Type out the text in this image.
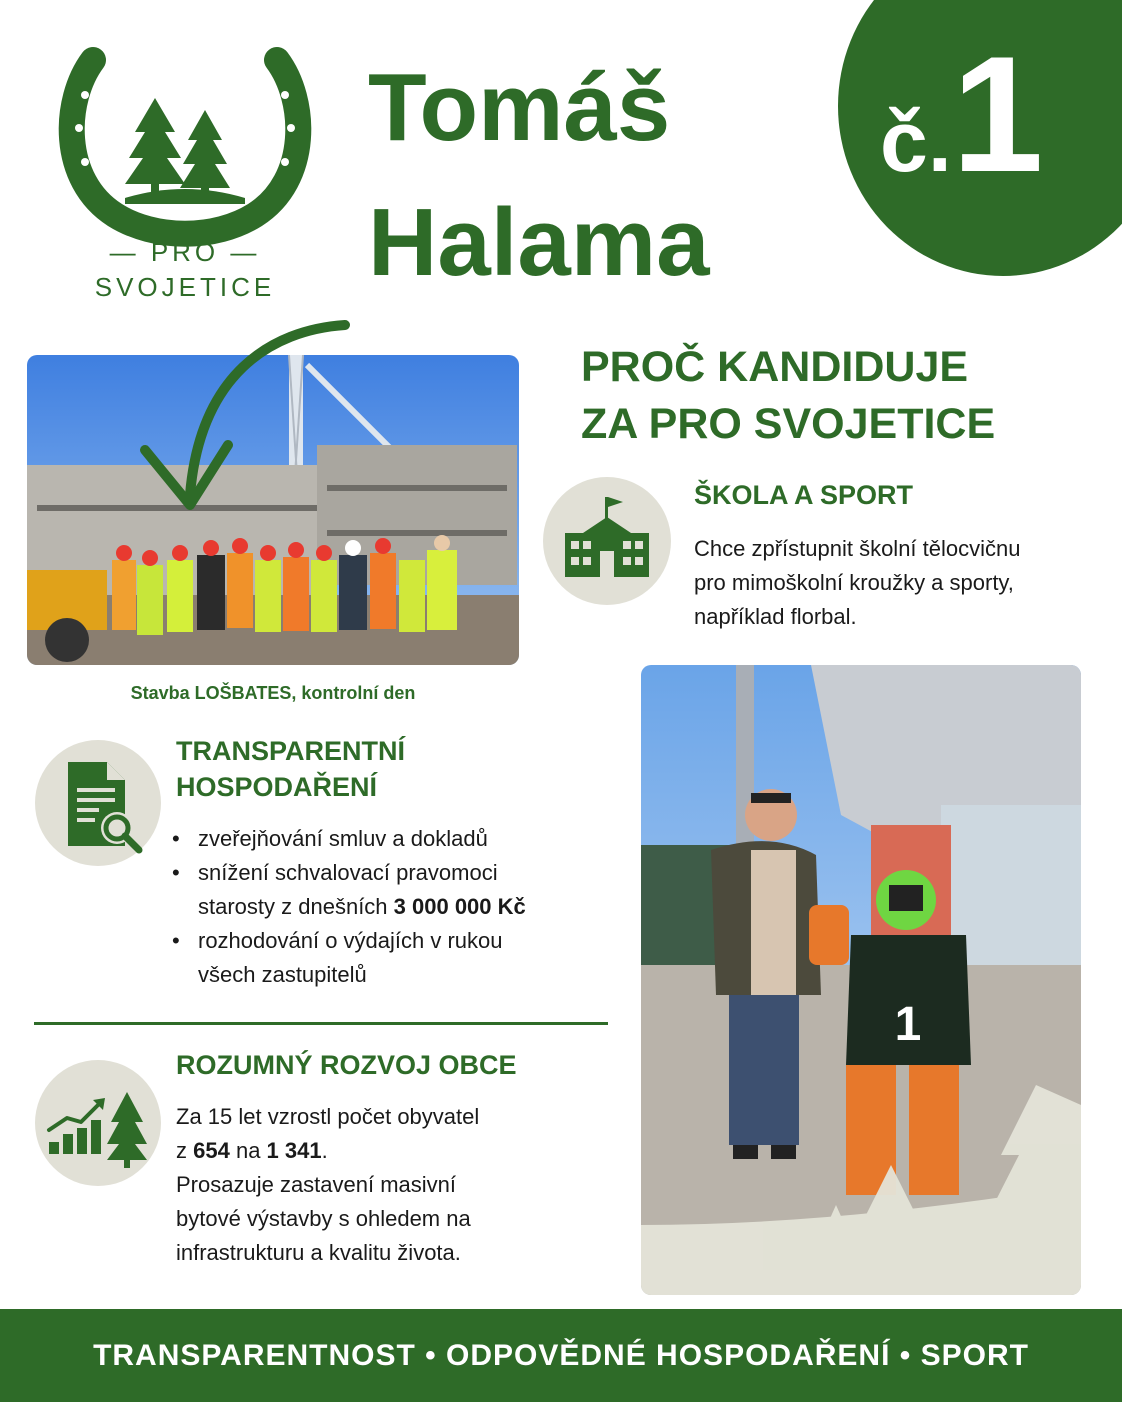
— PRO —
SVOJETICE
Tomáš
Halama
č.1
Stavba LOŠBATES, kontrolní den
PROČ KANDIDUJE
ZA PRO SVOJETICE
ŠKOLA A SPORT
Chce zpřístupnit školní tělocvičnu
pro mimoškolní kroužky a sporty,
například florbal.
1
TRANSPARENTNÍ
HOSPODAŘENÍ
• zveřejňování smluv a dokladů
• snížení schvalovací pravomoci
starosty z dnešních 3 000 000 Kč
• rozhodování o výdajích v rukou
všech zastupitelů
ROZUMNÝ ROZVOJ OBCE
Za 15 let vzrostl počet obyvatel
z 654 na 1 341.
Prosazuje zastavení masivní
bytové výstavby s ohledem na
infrastrukturu a kvalitu života.
TRANSPARENTNOST • ODPOVĚDNÉ HOSPODAŘENÍ • SPORT
